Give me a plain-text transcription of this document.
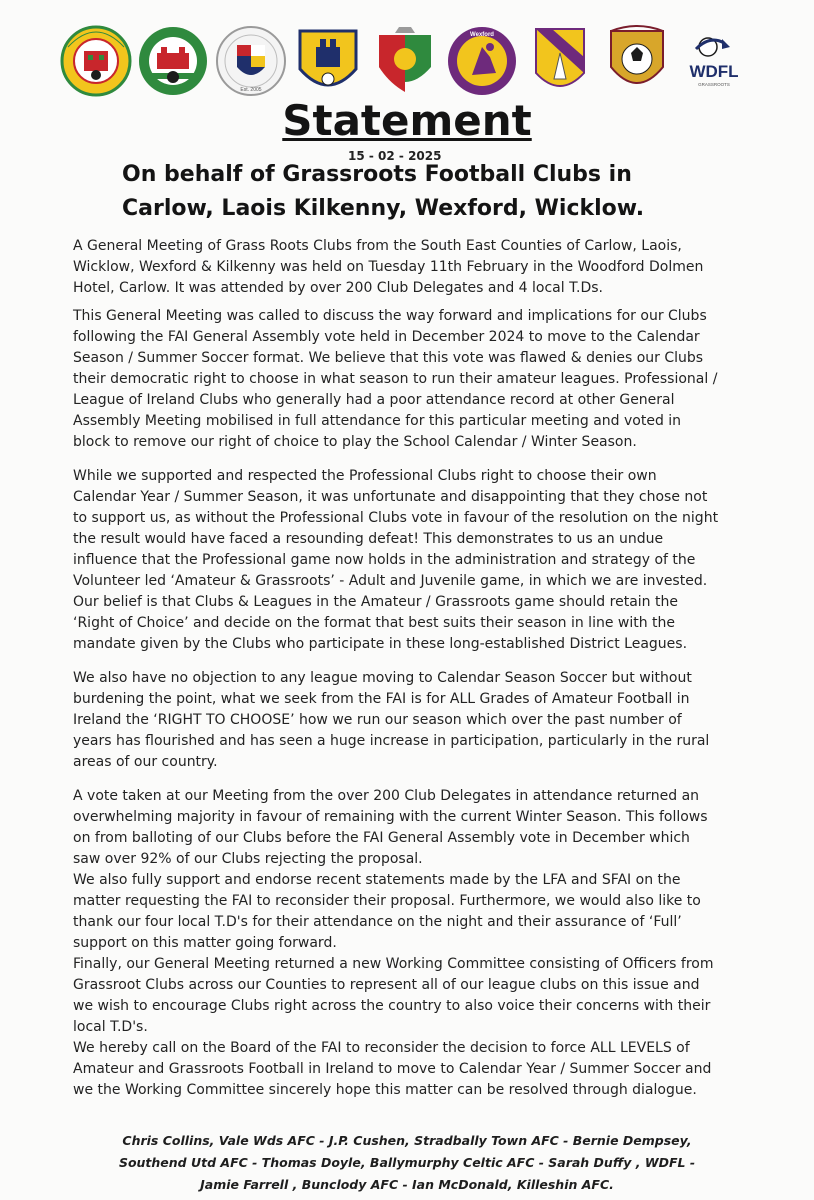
Est. 2005
Wexford
WDFL
GRASSROOTS
Statement
15 - 02 - 2025
On behalf of Grassroots Football Clubs in
Carlow, Laois Kilkenny, Wexford, Wicklow.

A General Meeting of Grass Roots Clubs from the South East Counties of Carlow, Laois,

Wicklow, Wexford & Kilkenny was held on Tuesday 11th February in the Woodford Dolmen

Hotel, Carlow. It was attended by over 200 Club Delegates and 4 local T.Ds.

This General Meeting was called to discuss the way forward and implications for our Clubs

following the FAI General Assembly vote held in December 2024 to move to the Calendar

Season / Summer Soccer format. We believe that this vote was flawed & denies our Clubs

their democratic right to choose in what season to run their amateur leagues. Professional /

League of Ireland Clubs who generally had a poor attendance record at other General

Assembly Meeting mobilised in full attendance for this particular meeting and voted in

block to remove our right of choice to play the School Calendar / Winter Season.

While we supported and respected the Professional Clubs right to choose their own

Calendar Year / Summer Season, it was unfortunate and disappointing that they chose not

to support us, as without the Professional Clubs vote in favour of the resolution on the night

the result would have faced a resounding defeat! This demonstrates to us an undue

influence that the Professional game now holds in the administration and strategy of the

Volunteer led ‘Amateur & Grassroots’ - Adult and Juvenile game, in which we are invested.

Our belief is that Clubs & Leagues in the Amateur / Grassroots game should retain the

‘Right of Choice’ and decide on the format that best suits their season in line with the

mandate given by the Clubs who participate in these long-established District Leagues.

We also have no objection to any league moving to Calendar Season Soccer but without

burdening the point, what we seek from the FAI is for ALL Grades of Amateur Football in

Ireland the ‘RIGHT TO CHOOSE’ how we run our season which over the past number of

years has flourished and has seen a huge increase in participation, particularly in the rural

areas of our country.

A vote taken at our Meeting from the over 200 Club Delegates in attendance returned an

overwhelming majority in favour of remaining with the current Winter Season. This follows

on from balloting of our Clubs before the FAI General Assembly vote in December which

saw over 92% of our Clubs rejecting the proposal.

We also fully support and endorse recent statements made by the LFA and SFAI on the

matter requesting the FAI to reconsider their proposal. Furthermore, we would also like to

thank our four local T.D's for their attendance on the night and their assurance of ‘Full’

support on this matter going forward.

Finally, our General Meeting returned a new Working Committee consisting of Officers from

Grassroot Clubs across our Counties to represent all of our league clubs on this issue and

we wish to encourage Clubs right across the country to also voice their concerns with their

local T.D's.

We hereby call on the Board of the FAI to reconsider the decision to force ALL LEVELS of

Amateur and Grassroots Football in Ireland to move to Calendar Year / Summer Soccer and

we the Working Committee sincerely hope this matter can be resolved through dialogue.

Chris Collins, Vale Wds AFC - J.P. Cushen, Stradbally Town AFC - Bernie Dempsey,
Southend Utd AFC - Thomas Doyle, Ballymurphy Celtic AFC - Sarah Duffy , WDFL -
Jamie Farrell , Bunclody AFC - Ian McDonald, Killeshin AFC.
